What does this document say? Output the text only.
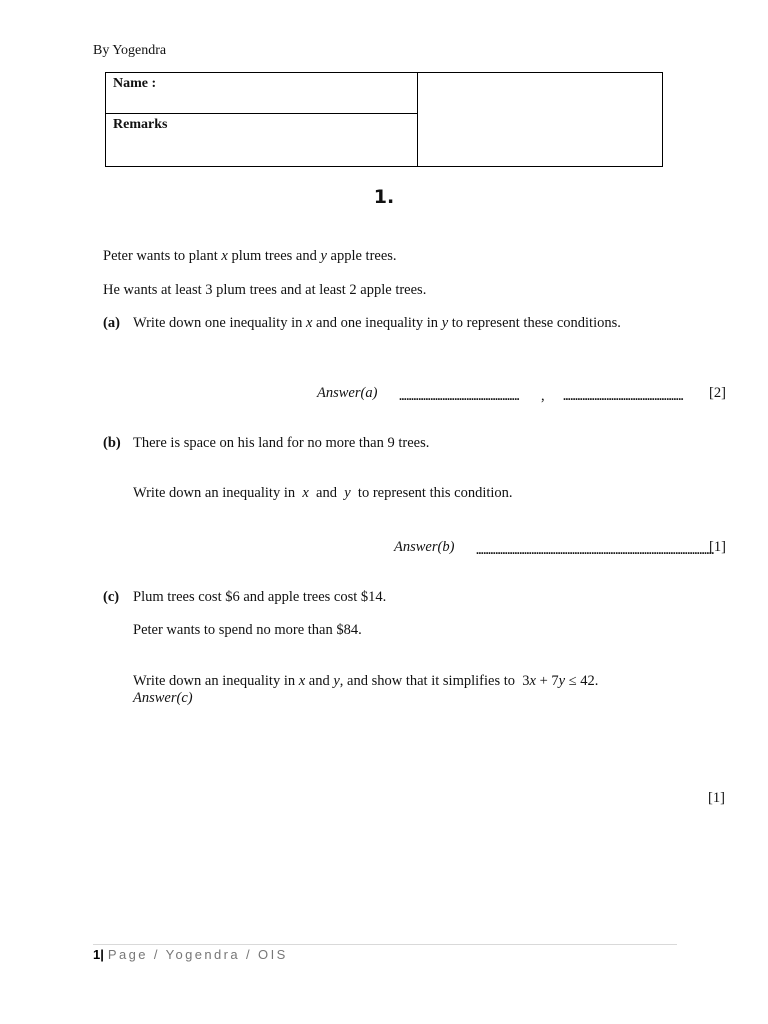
By Yogendra
Name :
Remarks
1.
Peter wants to plant x plum trees and y apple trees.
He wants at least 3 plum trees and at least 2 apple trees.
(a) Write down one inequality in x and one inequality in y to represent these conditions.
Answer(a) ..................................................	, .................................................. [2]
(b) There is space on his land for no more than 9 trees.

Write down an inequality in  x  and  y  to represent this condition.

Answer(b) ...................................................................................................
[1]
(c) Plum trees cost $6 and apple trees cost $14.
Peter wants to spend no more than $84.

Write down an inequality in x and y, and show that it simplifies to  3x + 7y ≤ 42.

Answer(c)
[1]
1| Page / Yogendra / OIS
